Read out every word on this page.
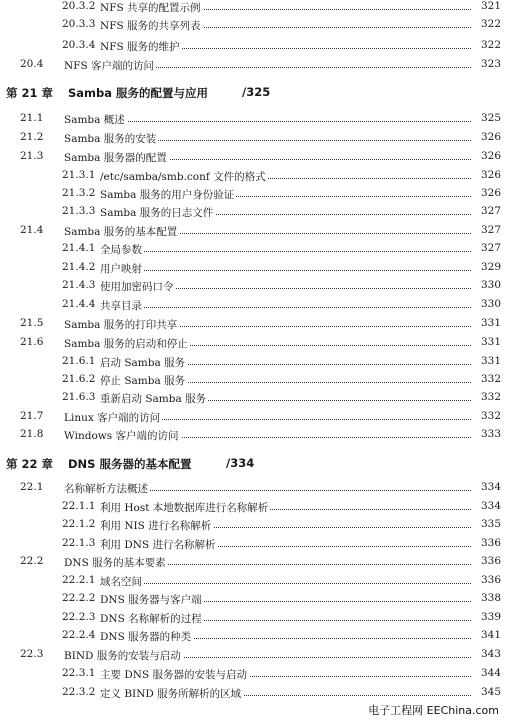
20.3.2 NFS 共享的配置示例	321
20.3.3 NFS 服务的共享列表	322
20.3.4 NFS 服务的维护	322
20.4 NFS 客户端的访问	323
第 21 章 Samba 服务的配置与应用	/325
21.1 Samba 概述	325
21.2 Samba 服务的安装	326
21.3 Samba 服务器的配置	326
21.3.1 /etc/samba/smb.conf 文件的格式	326
21.3.2 Samba 服务的用户身份验证	326
21.3.3 Samba 服务的日志文件	327
21.4 Samba 服务的基本配置	327
21.4.1 全局参数	327
21.4.2 用户映射	329
21.4.3 使用加密码口令	330
21.4.4 共享目录	330
21.5 Samba 服务的打印共享	331
21.6 Samba 服务的启动和停止	331
21.6.1 启动 Samba 服务	331
21.6.2 停止 Samba 服务	332
21.6.3 重新启动 Samba 服务	332
21.7 Linux 客户端的访问	332
21.8 Windows 客户端的访问	333
第 22 章 DNS 服务器的基本配置	/334
22.1 名称解析方法概述	334
22.1.1 利用 Host 本地数据库进行名称解析	334
22.1.2 利用 NIS 进行名称解析	335
22.1.3 利用 DNS 进行名称解析	336
22.2 DNS 服务的基本要素	336
22.2.1 域名空间	336
22.2.2 DNS 服务器与客户端	338
22.2.3 DNS 名称解析的过程	339
22.2.4 DNS 服务器的种类	341
22.3 BIND 服务的安装与启动	343
22.3.1 主要 DNS 服务器的安装与启动	344
22.3.2 定义 BIND 服务所解析的区域	345
电子工程网 EEChina.com
